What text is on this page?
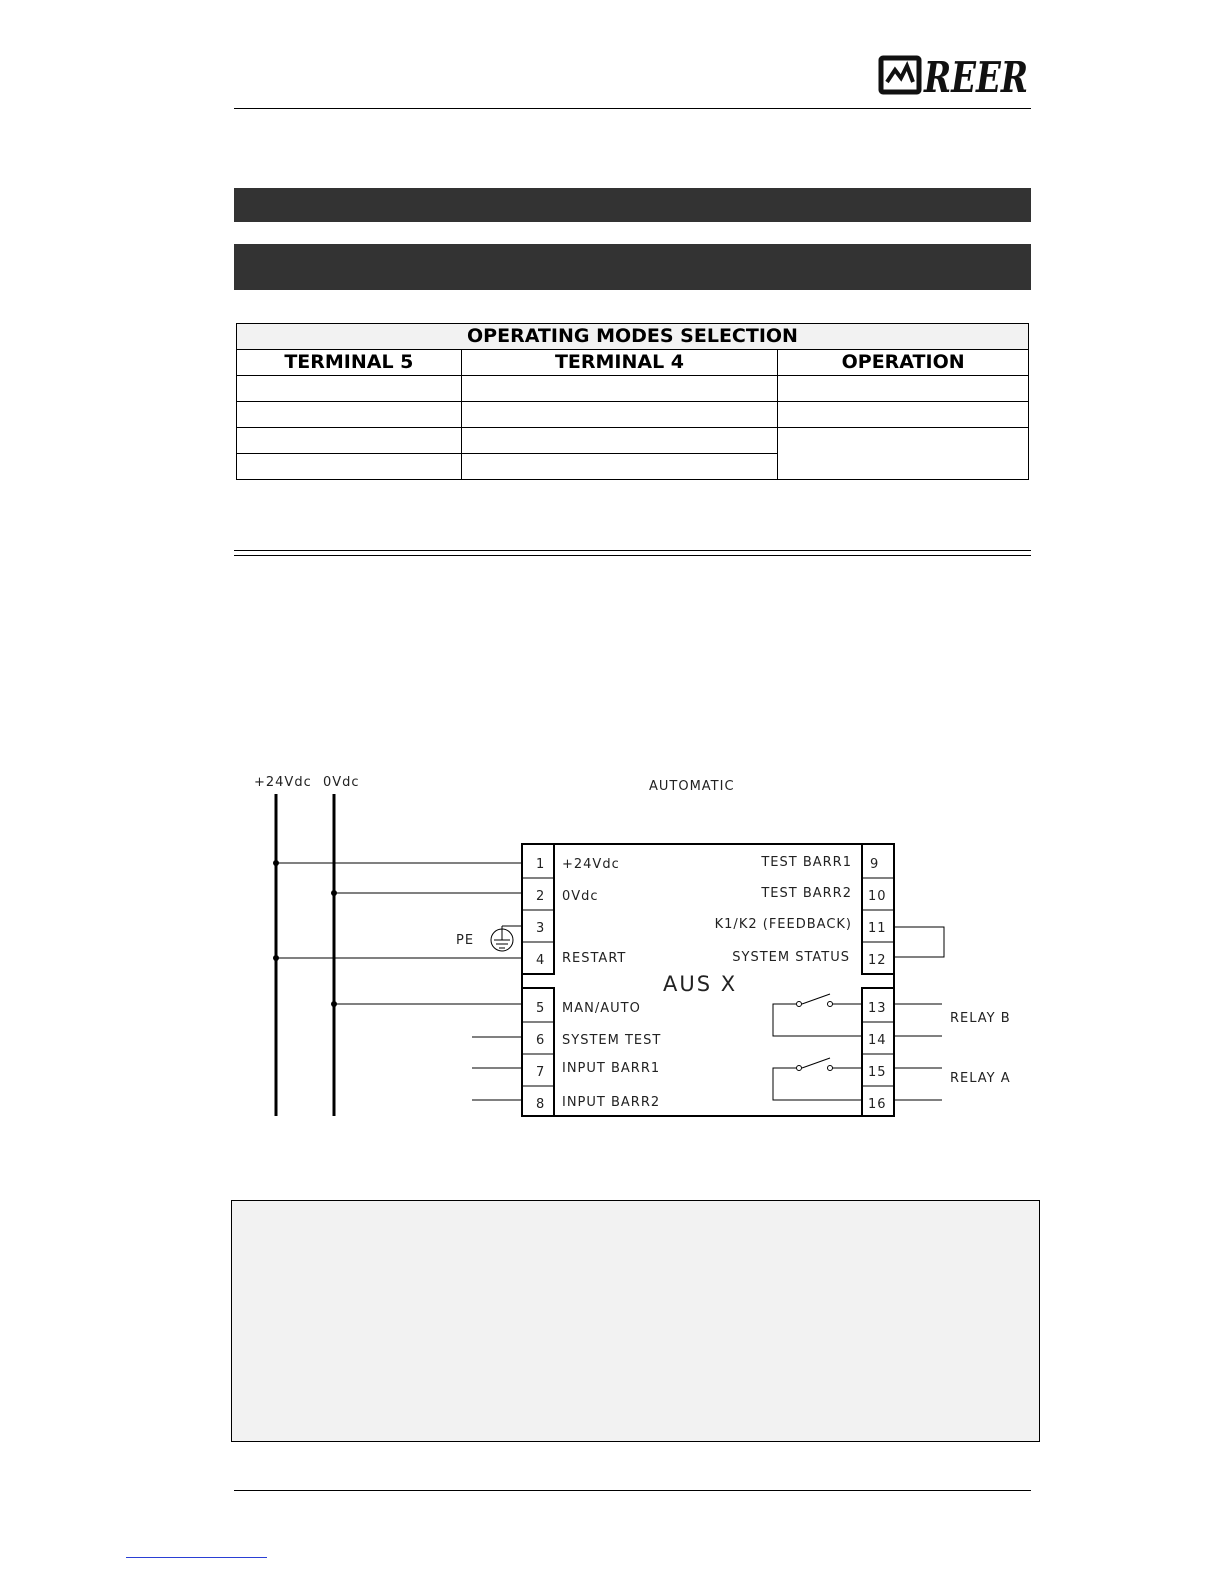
REER
OPERATING MODES SELECTION		
TERMINAL 5	TERMINAL 4	OPERATION

+24Vdc 0Vdc	AUTOMATIC
1
2
3
4
5
6
7
8
+24Vdc
0Vdc
RESTART
MAN/AUTO
SYSTEM TEST
INPUT BARR1
INPUT BARR2
9
10
11
12
13
14
15
16
TEST BARR1
TEST BARR2
K1/K2 (FEEDBACK)
SYSTEM STATUS
AUS X
PE
RELAY B
RELAY A
